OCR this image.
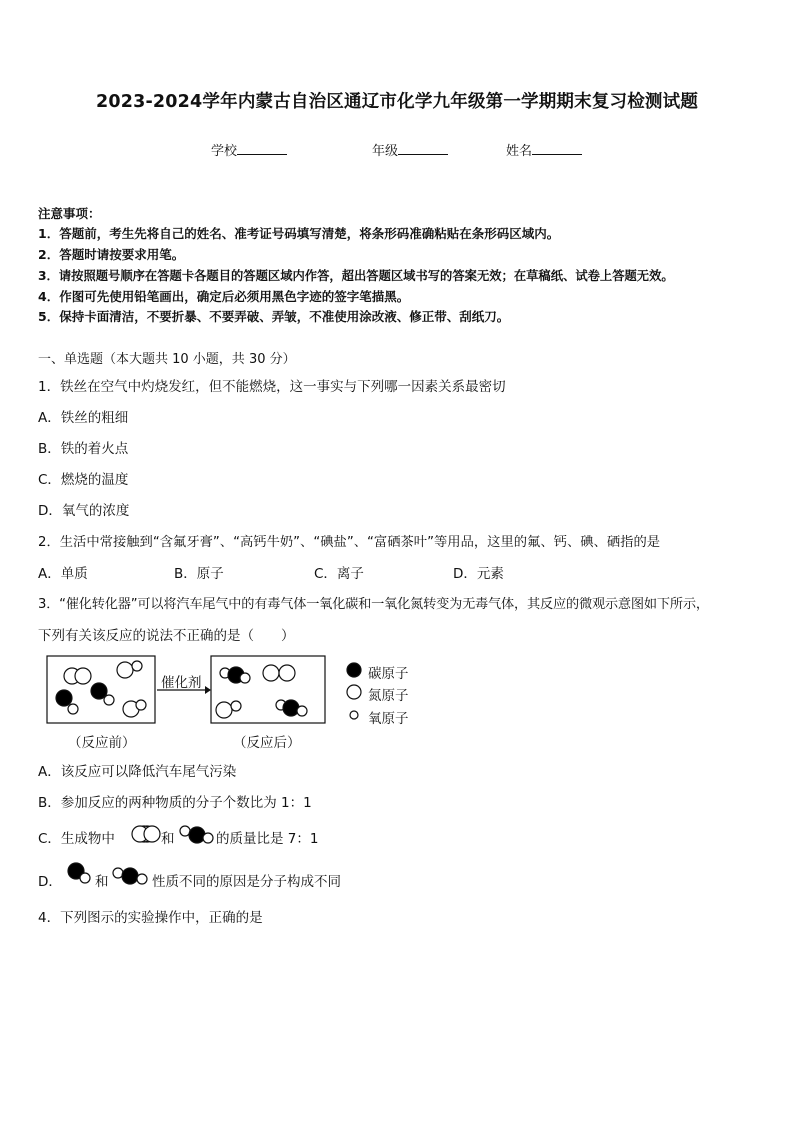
2023-2024学年内蒙古自治区通辽市化学九年级第一学期期末复习检测试题
学校	年级	姓名
注意事项：
1．答题前，考生先将自己的姓名、准考证号码填写清楚，将条形码准确粘贴在条形码区域内。
2．答题时请按要求用笔。
3．请按照题号顺序在答题卡各题目的答题区域内作答，超出答题区域书写的答案无效；在草稿纸、试卷上答题无效。
4．作图可先使用铅笔画出，确定后必须用黑色字迹的签字笔描黑。
5．保持卡面清洁，不要折暴、不要弄破、弄皱，不准使用涂改液、修正带、刮纸刀。
一、单选题（本大题共 10 小题，共 30 分）
1．铁丝在空气中灼烧发红，但不能燃烧，这一事实与下列哪一因素关系最密切
A．铁丝的粗细
B．铁的着火点
C．燃烧的温度
D．氧气的浓度
2．生活中常接触到“含氟牙膏”、“高钙牛奶”、“碘盐”、“富硒茶叶”等用品，这里的氟、钙、碘、硒指的是
A．单质	B．原子	C．离子	D．元素
3．“催化转化器”可以将汽车尾气中的有毒气体一氧化碳和一氧化氮转变为无毒气体，其反应的微观示意图如下所示，
下列有关该反应的说法不正确的是（　　）
催化剂
（反应前）	（反应后）
碳原子
氮原子
氧原子
A．该反应可以降低汽车尾气污染
B．参加反应的两种物质的分子个数比为 1：1
C．生成物中	和	的质量比是 7：1
D． 和	性质不同的原因是分子构成不同
4．下列图示的实验操作中，正确的是
